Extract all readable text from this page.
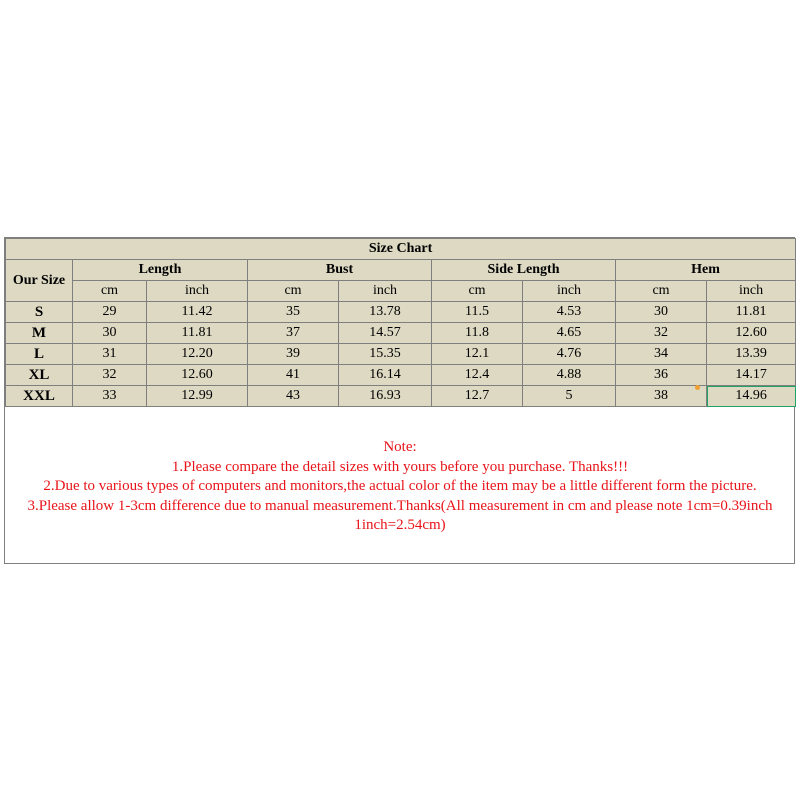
Size Chart								
Our Size	Length		Bust		Side Length		Hem	
	cm	inch	cm	inch	cm	inch	cm	inch
S	29	11.42	35	13.78	11.5	4.53	30	11.81
M	30	11.81	37	14.57	11.8	4.65	32	12.60
L	31	12.20	39	15.35	12.1	4.76	34	13.39
XL	32	12.60	41	16.14	12.4	4.88	36	14.17
XXL	33	12.99	43	16.93	12.7	5	38	14.96
Note:
1.Please compare the detail sizes with yours before you purchase. Thanks!!!
2.Due to various types of computers and monitors,the actual color of the item may be a little different form the picture.
3.Please allow 1-3cm difference due to manual measurement.Thanks(All measurement in cm and please note 1cm=0.39inch
1inch=2.54cm)
